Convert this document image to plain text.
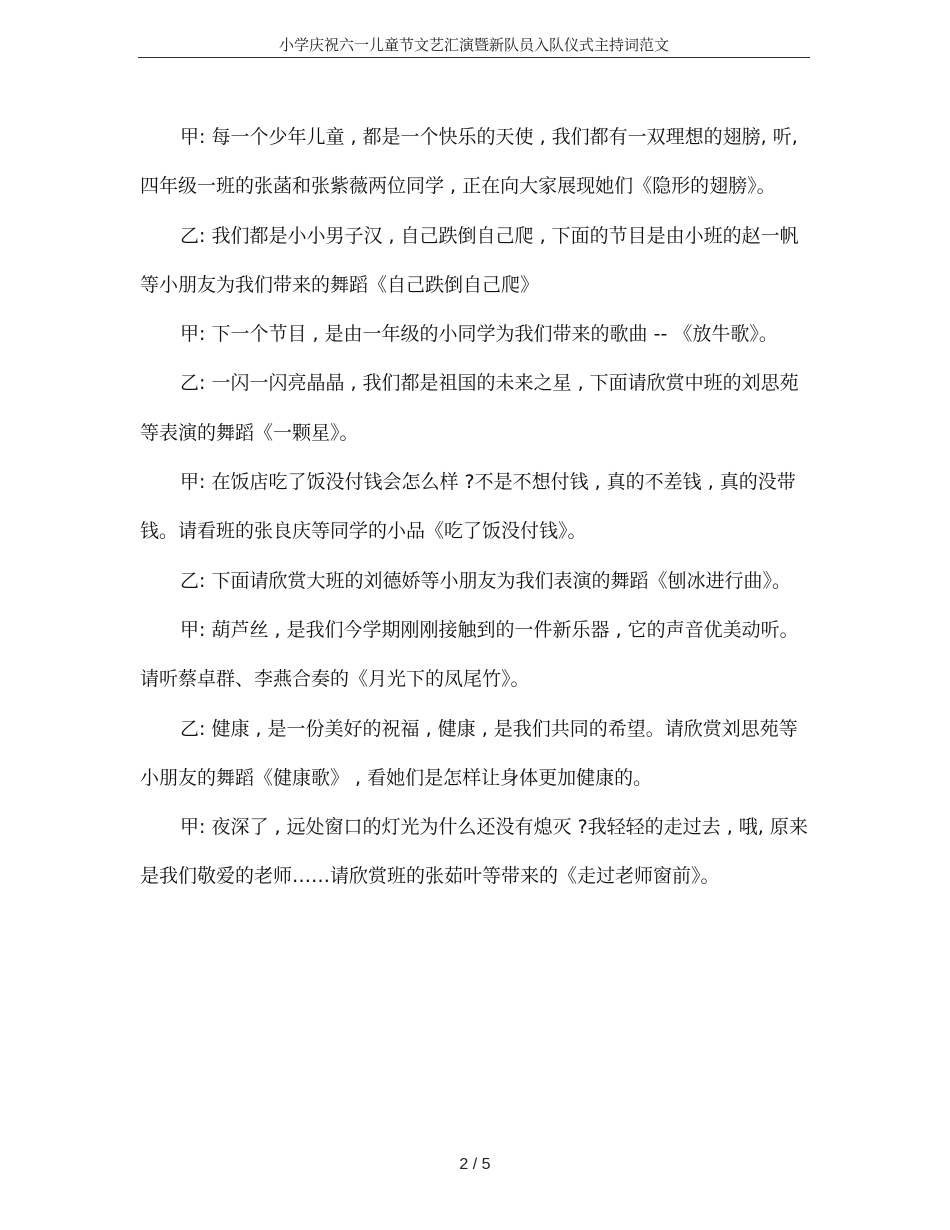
小学庆祝六一儿童节文艺汇演暨新队员入队仪式主持词范文

甲: 每一个少年儿童 , 都是一个快乐的天使 , 我们都有一双理想的翅膀, 听, 四年级一班的张菡和张紫薇两位同学 , 正在向大家展现她们《隐形的翅膀》。

乙: 我们都是小小男子汉 , 自己跌倒自己爬 , 下面的节目是由小班的赵一帆等小朋友为我们带来的舞蹈《自己跌倒自己爬》

甲: 下一个节目 , 是由一年级的小同学为我们带来的歌曲 -- 《放牛歌》。

乙: 一闪一闪亮晶晶 , 我们都是祖国的未来之星 , 下面请欣赏中班的刘思苑等表演的舞蹈《一颗星》。

甲: 在饭店吃了饭没付钱会怎么样 ?不是不想付钱 , 真的不差钱 , 真的没带钱。请看班的张良庆等同学的小品《吃了饭没付钱》。

乙: 下面请欣赏大班的刘德娇等小朋友为我们表演的舞蹈《刨冰进行曲》。

甲: 葫芦丝 , 是我们今学期刚刚接触到的一件新乐器 , 它的声音优美动听。请听蔡卓群、李燕合奏的《月光下的凤尾竹》。

乙: 健康 , 是一份美好的祝福 , 健康 , 是我们共同的希望。请欣赏刘思苑等小朋友的舞蹈《健康歌》 , 看她们是怎样让身体更加健康的。

甲: 夜深了 , 远处窗口的灯光为什么还没有熄灭 ?我轻轻的走过去 , 哦, 原来是我们敬爱的老师……请欣赏班的张茹叶等带来的《走过老师窗前》。

2 / 5
